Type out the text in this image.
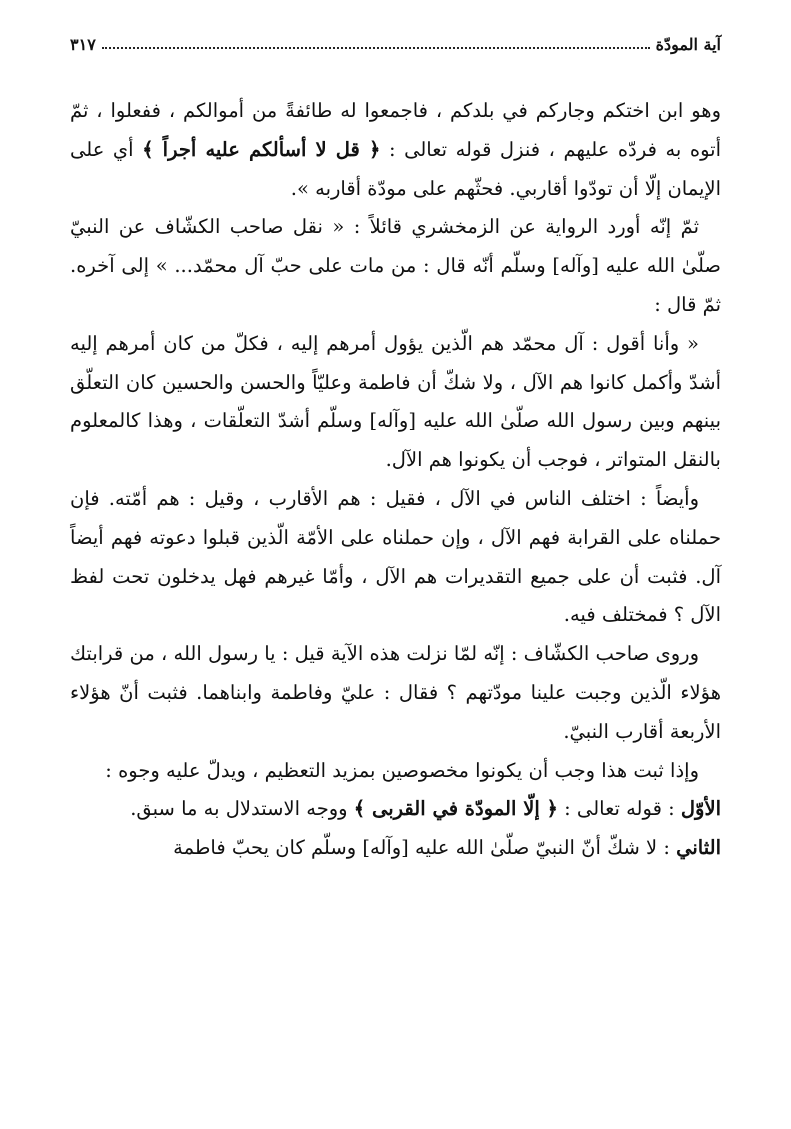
آية المودّة
٣١٧

وهو ابن اختكم وجاركم في بلدكم ، فاجمعوا له طائفةً من أموالكم ، ففعلوا ، ثمّ أتوه به فردّه عليهم ، فنزل قوله تعالى : ﴿ قل لا أسألكم عليه أجراً ﴾ أي على الإيمان إلّا أن تودّوا أقاربي. فحثّهم على مودّة أقاربه ».

ثمّ إنّه أورد الرواية عن الزمخشري قائلاً : « نقل صاحب الكشّاف عن النبيّ صلّىٰ الله عليه [وآله] وسلّم أنّه قال : من مات على حبّ آل محمّد... » إلى آخره. ثمّ قال :

« وأنا أقول : آل محمّد هم الّذين يؤول أمرهم إليه ، فكلّ من كان أمرهم إليه أشدّ وأكمل كانوا هم الآل ، ولا شكّ أن فاطمة وعليّاً والحسن والحسين كان التعلّق بينهم وبين رسول الله صلّىٰ الله عليه [وآله] وسلّم أشدّ التعلّقات ، وهذا كالمعلوم بالنقل المتواتر ، فوجب أن يكونوا هم الآل.

وأيضاً : اختلف الناس في الآل ، فقيل : هم الأقارب ، وقيل : هم أمّته. فإن حملناه على القرابة فهم الآل ، وإن حملناه على الأمّة الّذين قبلوا دعوته فهم أيضاً آل. فثبت أن على جميع التقديرات هم الآل ، وأمّا غيرهم فهل يدخلون تحت لفظ الآل ؟ فمختلف فيه.

وروى صاحب الكشّاف : إنّه لمّا نزلت هذه الآية قيل : يا رسول الله ، من قرابتك هؤلاء الّذين وجبت علينا مودّتهم ؟ فقال : عليّ وفاطمة وابناهما. فثبت أنّ هؤلاء الأربعة أقارب النبيّ.

وإذا ثبت هذا وجب أن يكونوا مخصوصين بمزيد التعظيم ، ويدلّ عليه وجوه :

الأوّل : قوله تعالى : ﴿ إلّا المودّة في القربى ﴾ ووجه الاستدلال به ما سبق.

الثاني : لا شكّ أنّ النبيّ صلّىٰ الله عليه [وآله] وسلّم كان يحبّ فاطمة
